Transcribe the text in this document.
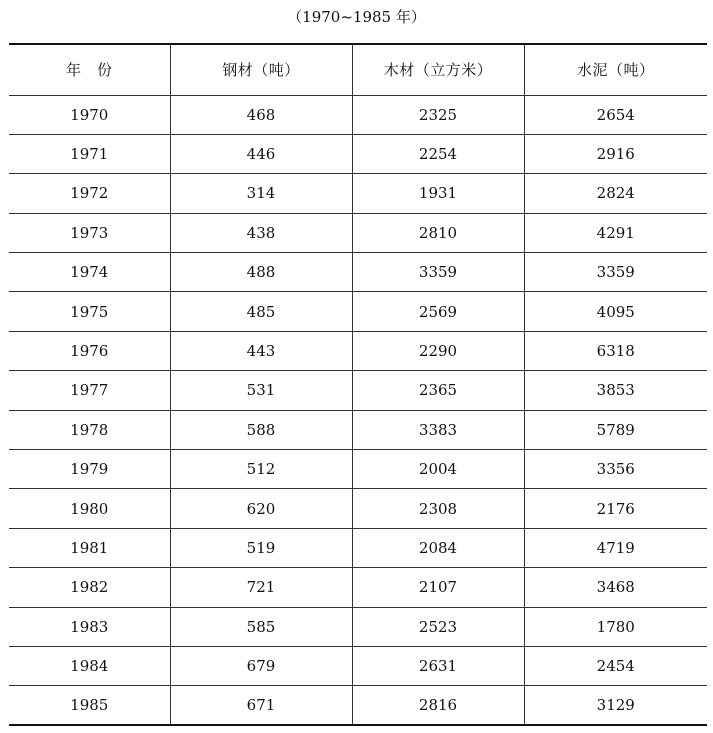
（1970~1985 年）
年　份	钢材（吨）	木材（立方米）	水泥（吨）
1970	468	2325	2654
1971	446	2254	2916
1972	314	1931	2824
1973	438	2810	4291
1974	488	3359	3359
1975	485	2569	4095
1976	443	2290	6318
1977	531	2365	3853
1978	588	3383	5789
1979	512	2004	3356
1980	620	2308	2176
1981	519	2084	4719
1982	721	2107	3468
1983	585	2523	1780
1984	679	2631	2454
1985	671	2816	3129
